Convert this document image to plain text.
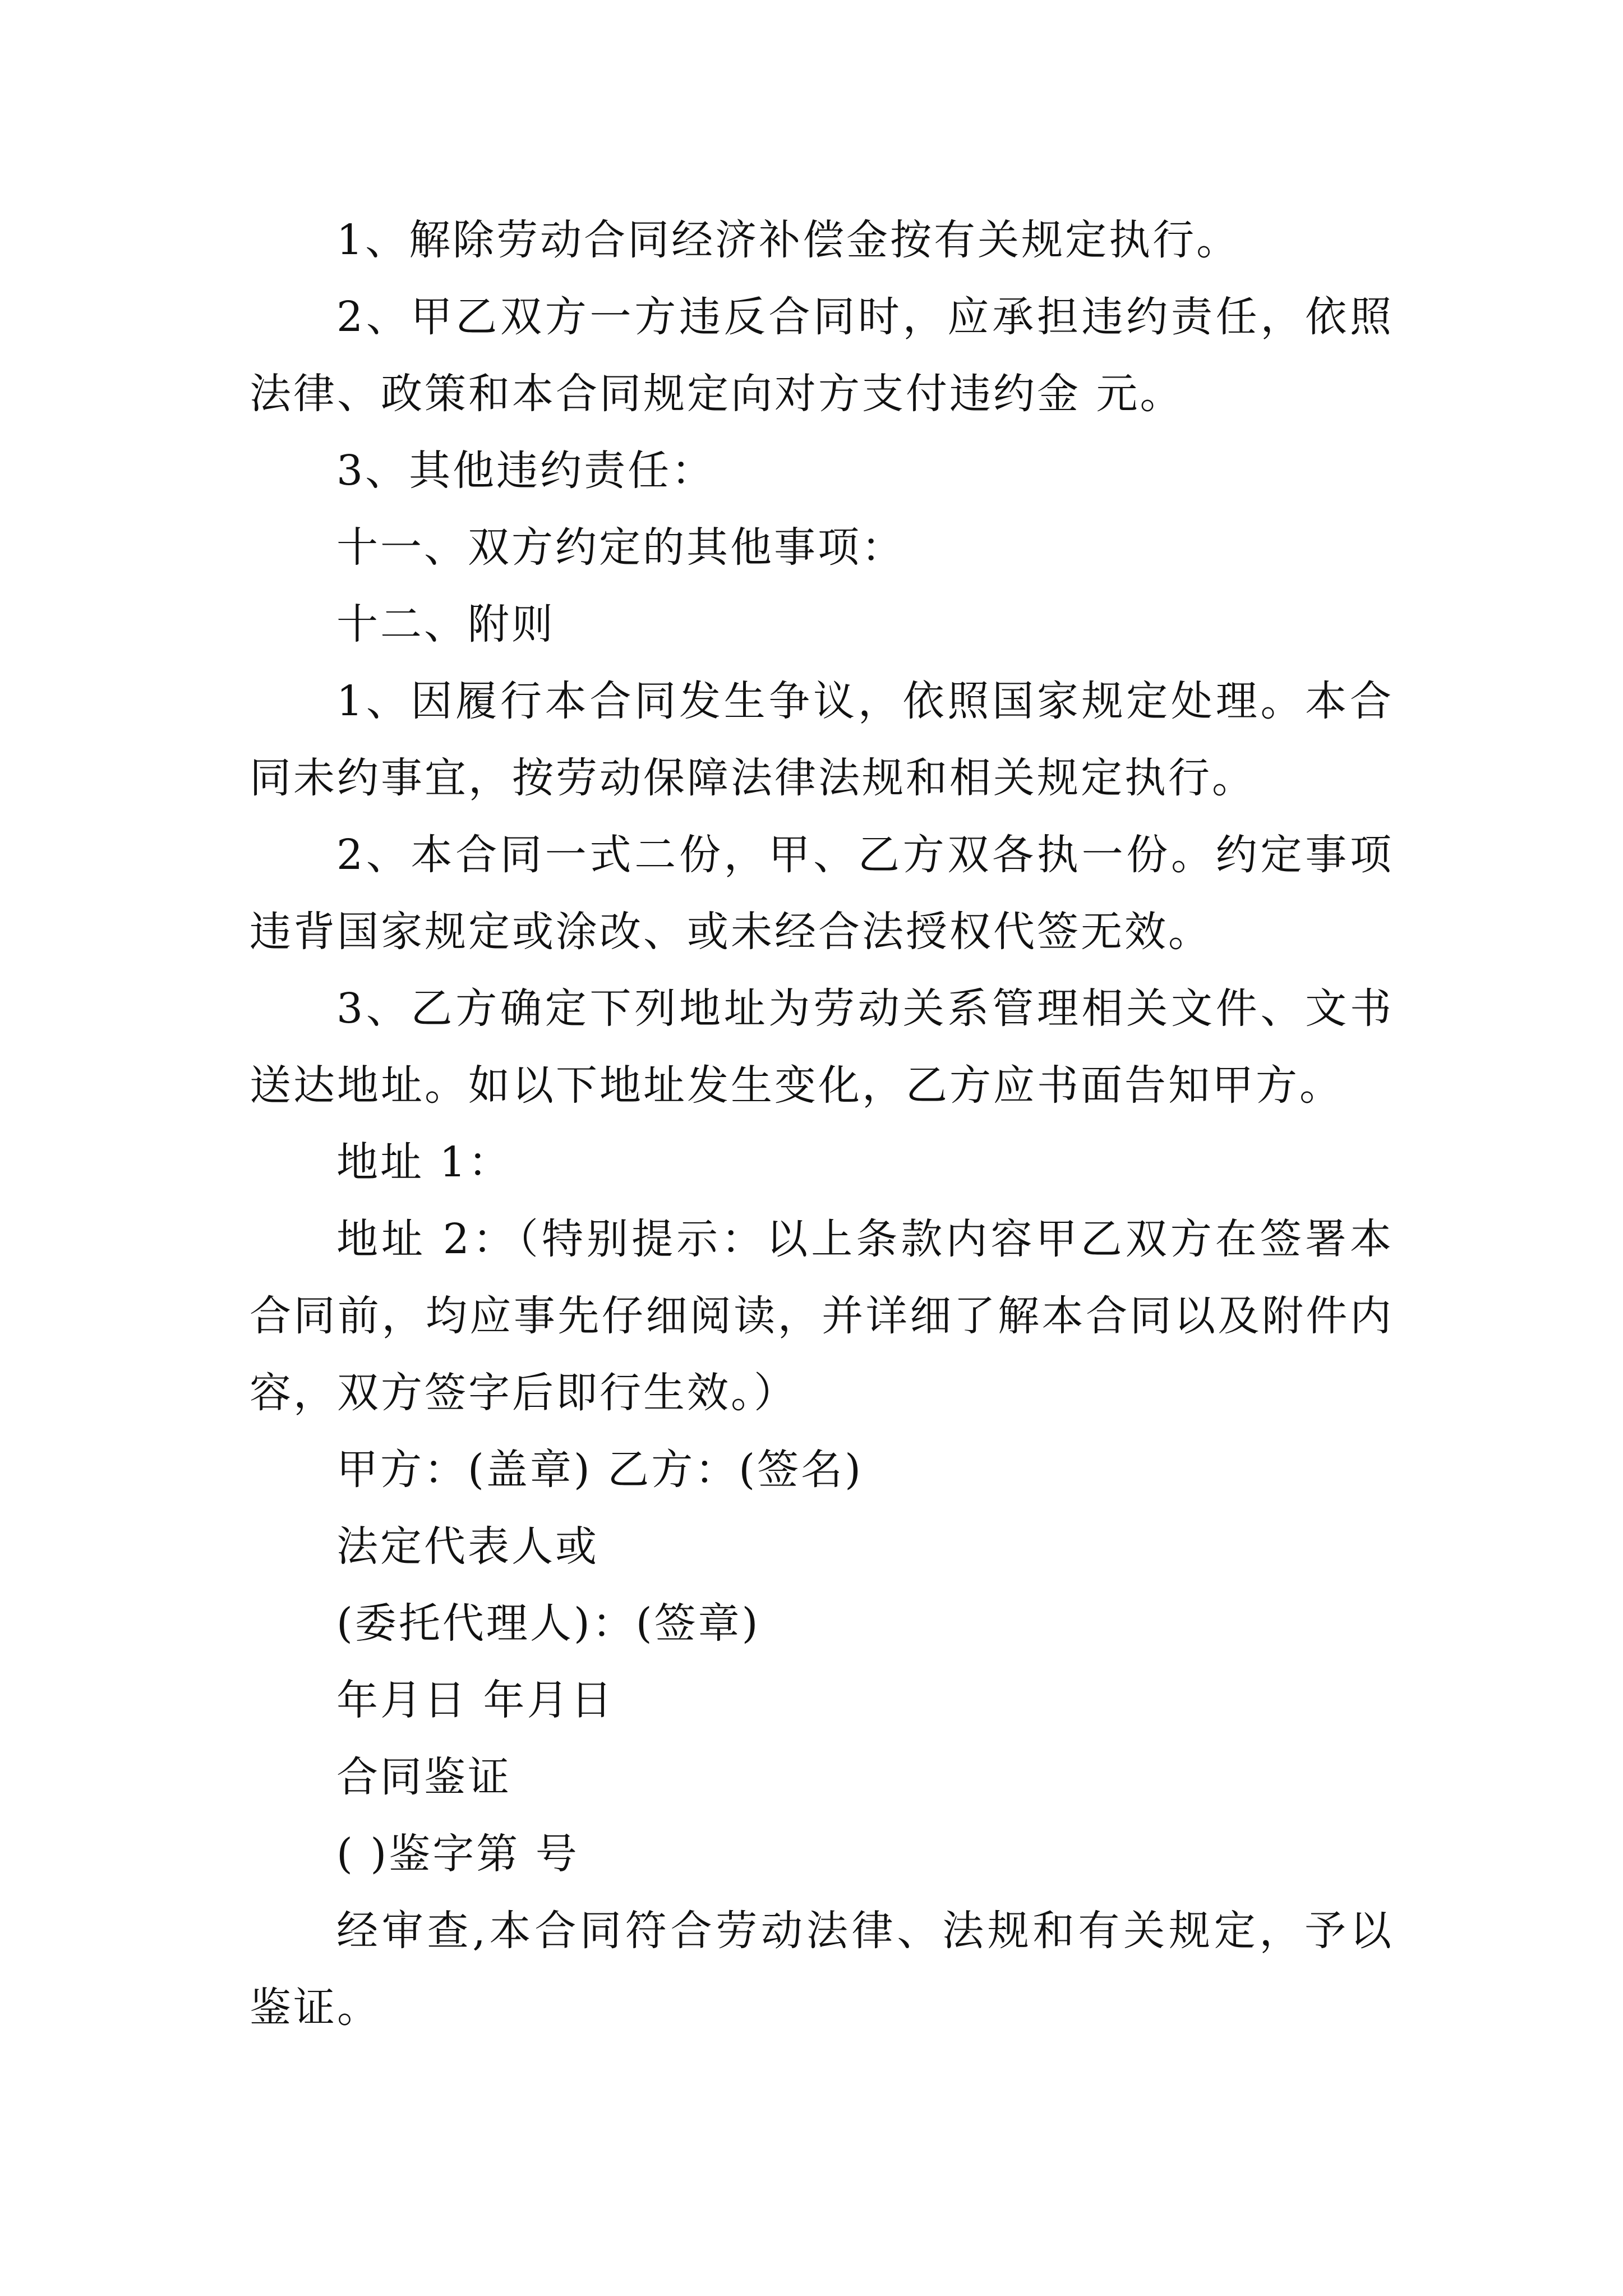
1、解除劳动合同经济补偿金按有关规定执行。

2、甲乙双方一方违反合同时，应承担违约责任，依照法律、政策和本合同规定向对方支付违约金 元。

3、其他违约责任：

十一、双方约定的其他事项：

十二、附则

1、因履行本合同发生争议，依照国家规定处理。本合同未约事宜，按劳动保障法律法规和相关规定执行。

2、本合同一式二份，甲、乙方双各执一份。约定事项违背国家规定或涂改、或未经合法授权代签无效。

3、乙方确定下列地址为劳动关系管理相关文件、文书送达地址。如以下地址发生变化，乙方应书面告知甲方。

地址 1：

地址 2：（特别提示：以上条款内容甲乙双方在签署本合同前，均应事先仔细阅读，并详细了解本合同以及附件内容，双方签字后即行生效。）

甲方：(盖章) 乙方：(签名)

法定代表人或

(委托代理人)：(签章)

年月日 年月日

合同鉴证

( )鉴字第 号

经审查,本合同符合劳动法律、法规和有关规定，予以鉴证。
